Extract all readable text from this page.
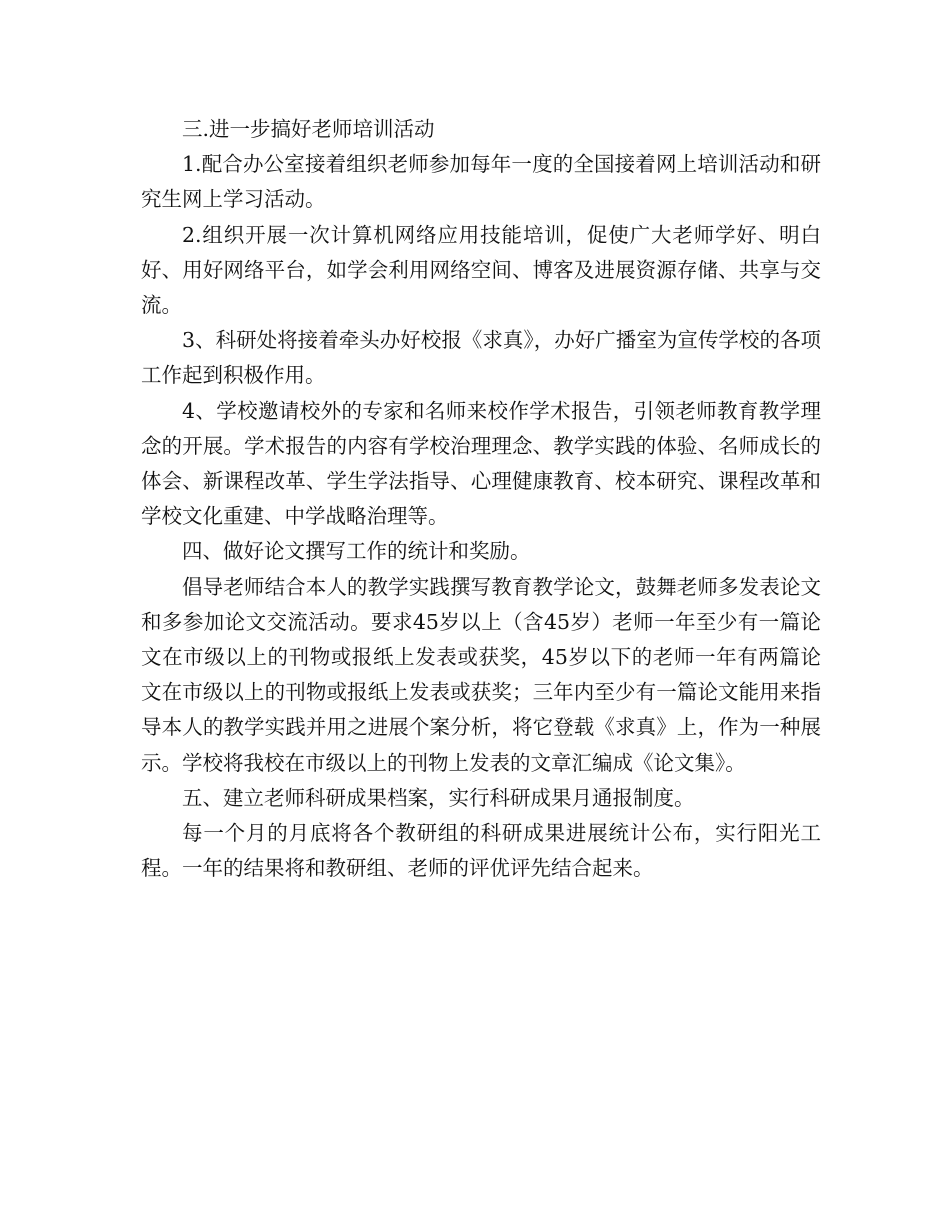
三.进一步搞好老师培训活动

1.配合办公室接着组织老师参加每年一度的全国接着网上培训活动和研究生网上学习活动。

2.组织开展一次计算机网络应用技能培训，促使广大老师学好、明白好、用好网络平台，如学会利用网络空间、博客及进展资源存储、共享与交流。

3、科研处将接着牵头办好校报《求真》，办好广播室为宣传学校的各项工作起到积极作用。

4、学校邀请校外的专家和名师来校作学术报告，引领老师教育教学理念的开展。学术报告的内容有学校治理理念、教学实践的体验、名师成长的体会、新课程改革、学生学法指导、心理健康教育、校本研究、课程改革和学校文化重建、中学战略治理等。

四、做好论文撰写工作的统计和奖励。

倡导老师结合本人的教学实践撰写教育教学论文，鼓舞老师多发表论文和多参加论文交流活动。要求45岁以上（含45岁）老师一年至少有一篇论文在市级以上的刊物或报纸上发表或获奖，45岁以下的老师一年有两篇论文在市级以上的刊物或报纸上发表或获奖；三年内至少有一篇论文能用来指导本人的教学实践并用之进展个案分析，将它登载《求真》上，作为一种展示。学校将我校在市级以上的刊物上发表的文章汇编成《论文集》。

五、建立老师科研成果档案，实行科研成果月通报制度。

每一个月的月底将各个教研组的科研成果进展统计公布，实行阳光工程。一年的结果将和教研组、老师的评优评先结合起来。
